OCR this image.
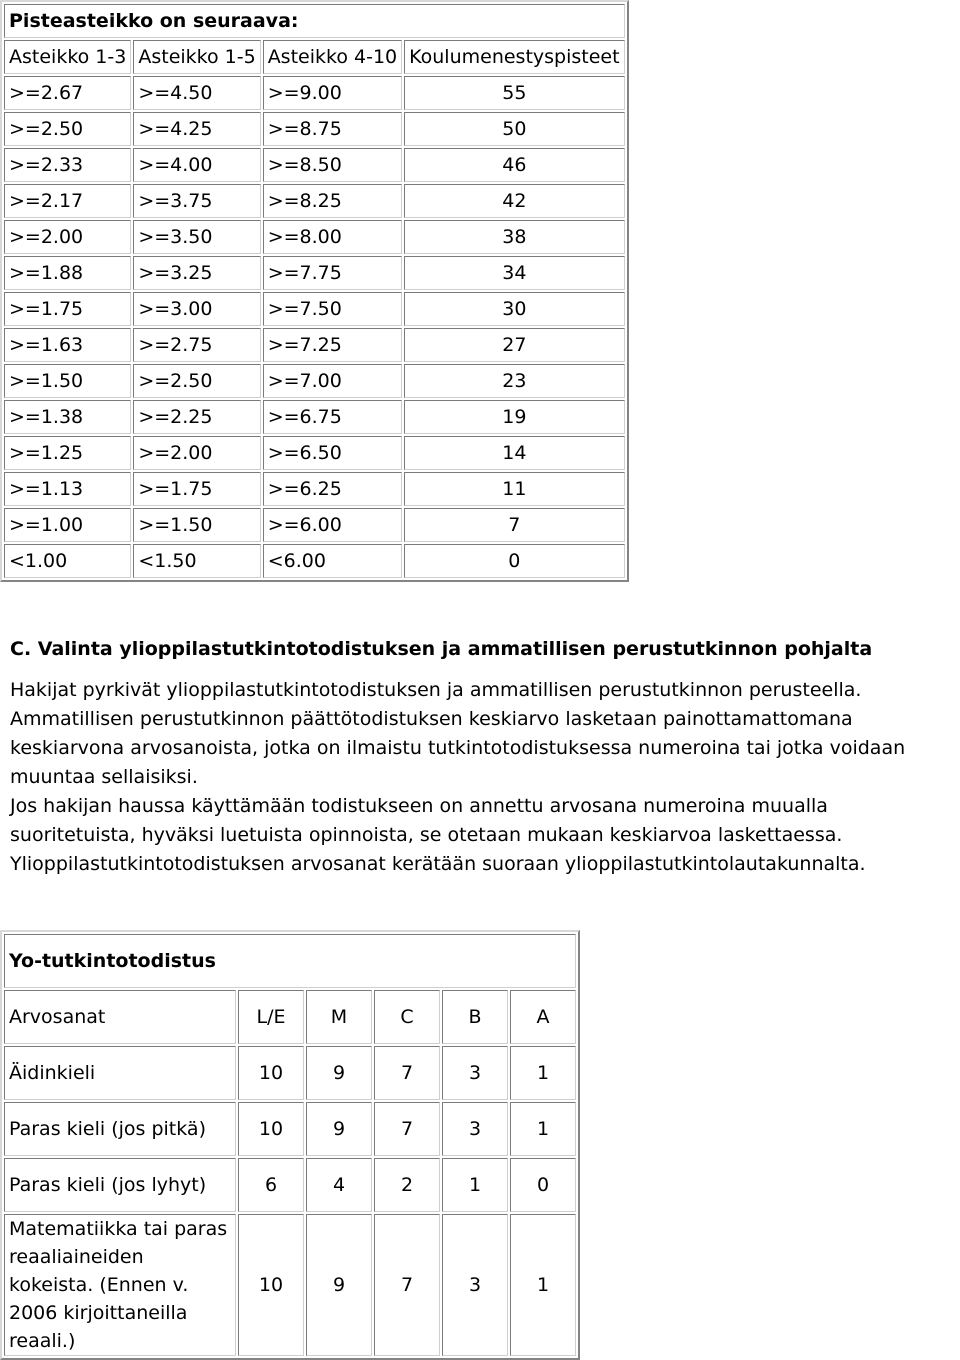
Pisteasteikko on seuraava:			
Asteikko 1-3	Asteikko 1-5	Asteikko 4-10	Koulumenestyspisteet
>=2.67	>=4.50	>=9.00	55
>=2.50	>=4.25	>=8.75	50
>=2.33	>=4.00	>=8.50	46
>=2.17	>=3.75	>=8.25	42
>=2.00	>=3.50	>=8.00	38
>=1.88	>=3.25	>=7.75	34
>=1.75	>=3.00	>=7.50	30
>=1.63	>=2.75	>=7.25	27
>=1.50	>=2.50	>=7.00	23
>=1.38	>=2.25	>=6.75	19
>=1.25	>=2.00	>=6.50	14
>=1.13	>=1.75	>=6.25	11
>=1.00	>=1.50	>=6.00	7
<1.00	<1.50	<6.00	0
C. Valinta ylioppilastutkintotodistuksen ja ammatillisen perustutkinnon pohjalta

Hakijat pyrkivät ylioppilastutkintotodistuksen ja ammatillisen perustutkinnon perusteella.

Ammatillisen perustutkinnon päättötodistuksen keskiarvo lasketaan painottamattomana keskiarvona arvosanoista, jotka on ilmaistu tutkintotodistuksessa numeroina tai jotka voidaan muuntaa sellaisiksi.

Jos hakijan haussa käyttämään todistukseen on annettu arvosana numeroina muualla suoritetuista, hyväksi luetuista opinnoista, se otetaan mukaan keskiarvoa laskettaessa.

Ylioppilastutkintotodistuksen arvosanat kerätään suoraan ylioppilastutkintolautakunnalta.

Yo-tutkintotodistus					
Arvosanat	L/E	M	C	B	A
Äidinkieli	10	9	7	3	1
Paras kieli (jos pitkä)	10	9	7	3	1
Paras kieli (jos lyhyt)	6	4	2	1	0
Matematiikka tai paras reaaliaineiden kokeista. (Ennen v. 2006 kirjoittaneilla reaali.)	10	9	7	3	1
